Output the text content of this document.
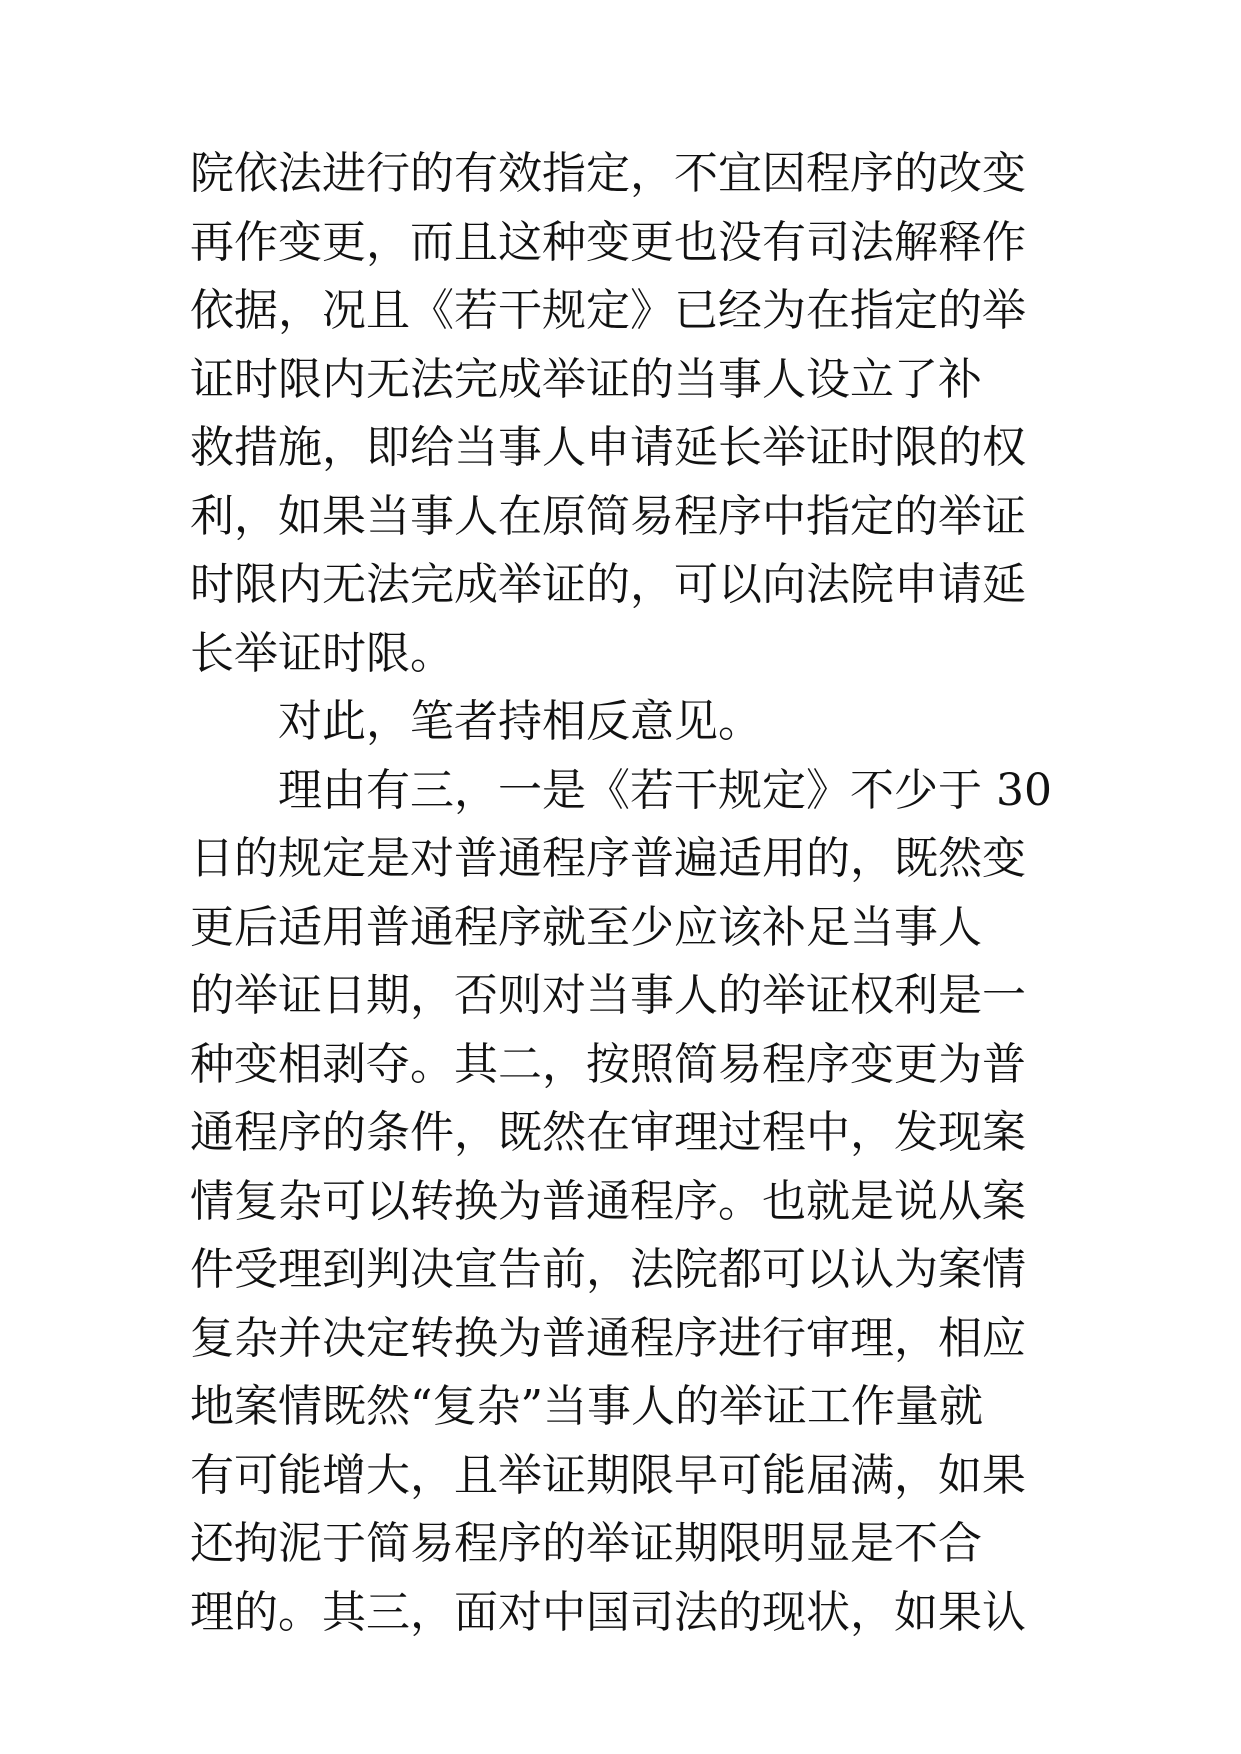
院依法进行的有效指定，不宜因程序的改变
再作变更，而且这种变更也没有司法解释作
依据，况且《若干规定》已经为在指定的举
证时限内无法完成举证的当事人设立了补
救措施，即给当事人申请延长举证时限的权
利，如果当事人在原简易程序中指定的举证
时限内无法完成举证的，可以向法院申请延
长举证时限。
对此，笔者持相反意见。
理由有三，一是《若干规定》不少于 30
日的规定是对普通程序普遍适用的，既然变
更后适用普通程序就至少应该补足当事人
的举证日期，否则对当事人的举证权利是一
种变相剥夺。其二，按照简易程序变更为普
通程序的条件，既然在审理过程中，发现案
情复杂可以转换为普通程序。也就是说从案
件受理到判决宣告前，法院都可以认为案情
复杂并决定转换为普通程序进行审理，相应
地案情既然“复杂”当事人的举证工作量就
有可能增大，且举证期限早可能届满，如果
还拘泥于简易程序的举证期限明显是不合
理的。其三，面对中国司法的现状，如果认
